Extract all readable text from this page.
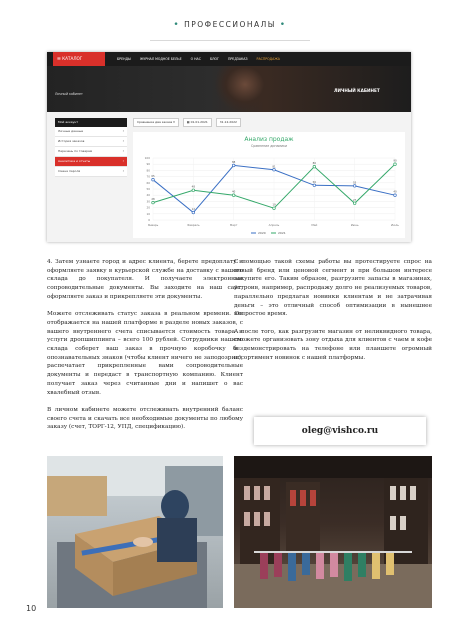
• ПРОФЕССИОНАЛЫ •
☰ КАТАЛОГ	БРЕНДЫ	ЖУРНАЛ МОДНОЕ БЕЛЬЕ	О НАС	БЛОГ	ПРЕДЗАКАЗ	РАСПРОДАЖА
Личный кабинет
ЛИЧНЫЙ КАБИНЕТ
Мой аккаунт
Личные данные	›
История заказов	›
Перечень по товарам	›
Аналитика и отчеты	›
Смена пароля	›
Сравнение два заказа ▾	▦ 01.01.2021	31.12.2022
Анализ продаж
Сравнение динамики
0
10
20
30
40
50
60
70
80
90
100
Январь	Февраль	Март	Апрель	Май	Июнь	Июль
65
12
88
81
56	55
40
28
48
40
19
86
27
90
2020	2021

4. Затем узнаете город и адрес клиента, берете предоплату и оформляете заявку в курьерской службе на доставку с вашего склада до покупателя. И получаете электронные сопроводительные документы. Вы заходите на наш сайт, оформляете заказ и прикрепляете эти документы.

Можете отслеживать статус заказа в реальном времени. Он отображается на нашей платформе в разделе новых заказов, с вашего внутреннего счета списывается стоимость товара и услуги дропшиппинга – всего 100 рублей. Сотрудники нашего склада соберет ваш заказ в прочную коробочку без опознавательных знаков (чтобы клиент ничего не заподозрил), распечатает прикрепленные вами сопроводительные документы и передаст в транспортную компанию. Клиент получает заказ через считанные дни и напишет о вас хвалебный отзыв.

В личном кабинете можете отслеживать внутренний баланс своего счета и скачать все необходимые документы по любому заказу (счет, ТОРГ-12, УПД, спецификацию).

С помощью такой схемы работы вы протестируете спрос на новый бренд или ценовой сегмент и при большом интересе закупите его. Таким образом, разгрузите запасы в магазинах, устроив, например, распродажу долго не реализуемых товаров, параллельно предлагая новинки клиентам и не затрачивая деньги – это отличный способ оптимизации в нынешнее непростое время.

А после того, как разгрузите магазин от неликвидного товара, сможете организовать зону отдыха для клиентов с чаем и кофе и демонстрировать на телефоне или планшете огромный ассортимент новинок с нашей платформы.

oleg@vishco.ru
10
